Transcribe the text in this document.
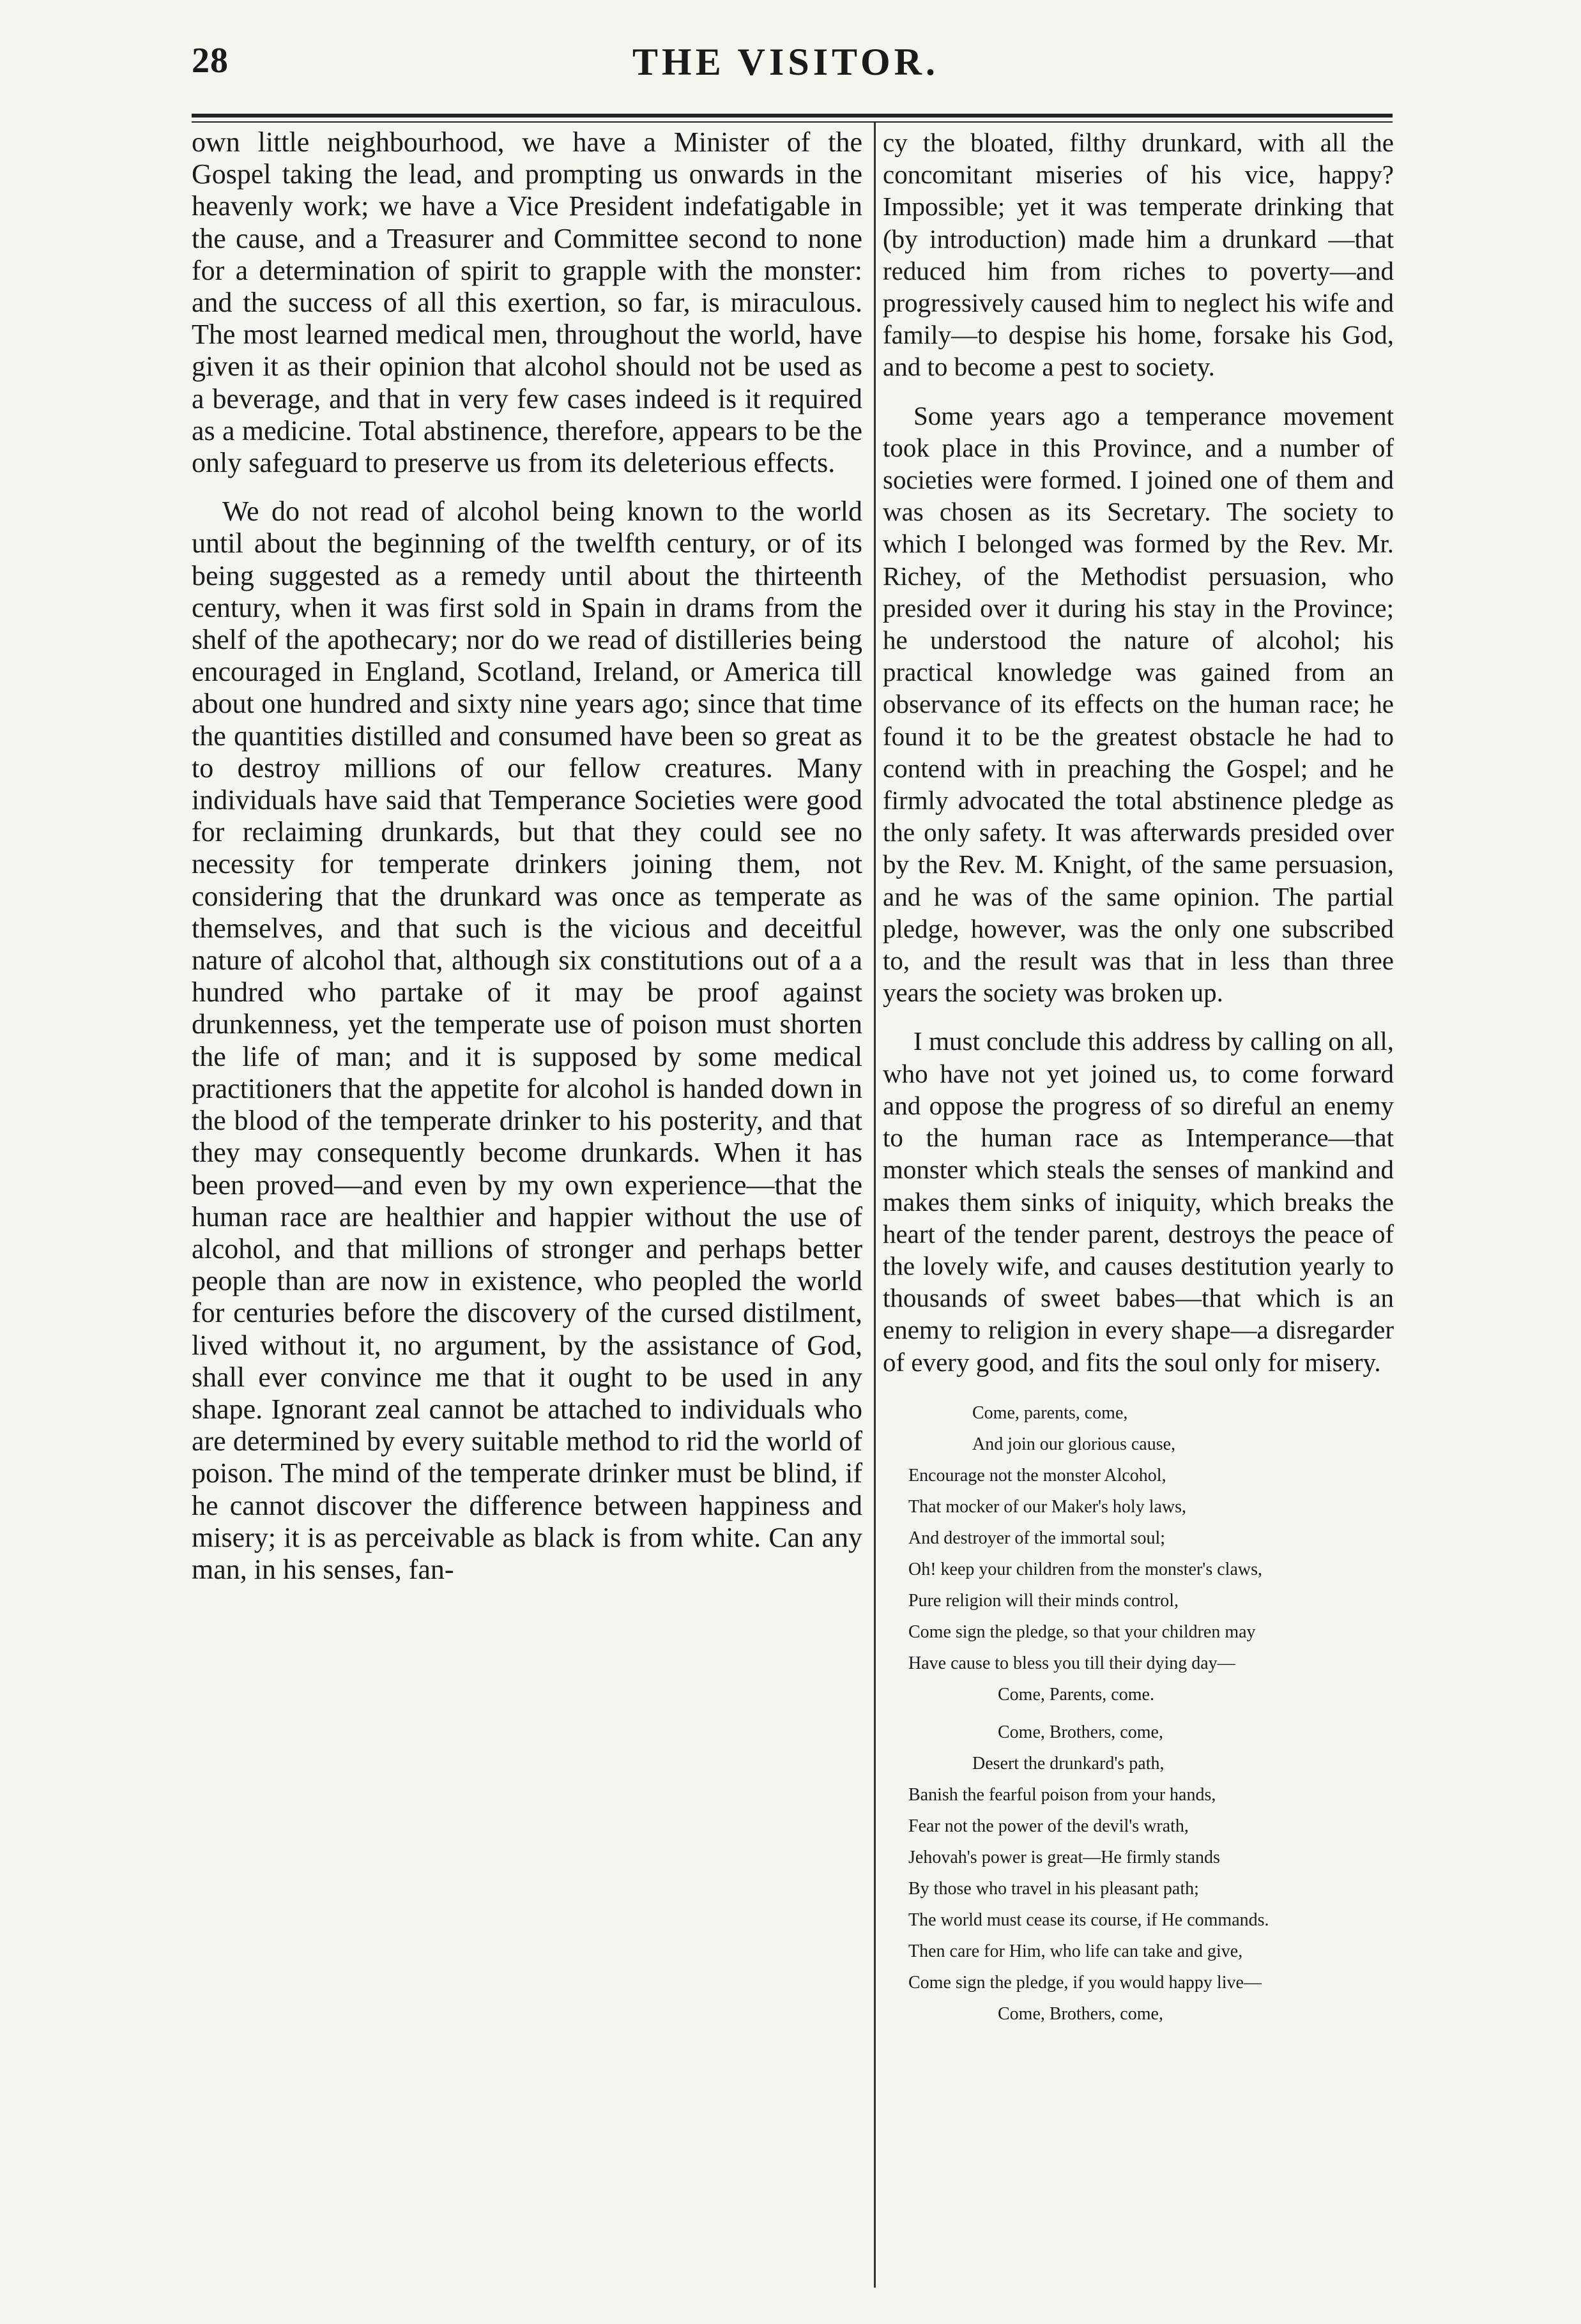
28	THE VISITOR.

own little neighbourhood, we have a Minister of the Gospel taking the lead, and prompting us onwards in the heavenly work; we have a Vice President indefatigable in the cause, and a Treasurer and Committee second to none for a determination of spirit to grapple with the monster: and the success of all this exertion, so far, is miraculous. The most learned medical men, throughout the world, have given it as their opinion that alcohol should not be used as a beverage, and that in very few cases indeed is it required as a medicine. Total abstinence, therefore, appears to be the only safeguard to preserve us from its deleterious effects.

We do not read of alcohol being known to the world until about the beginning of the twelfth century, or of its being suggested as a remedy until about the thirteenth century, when it was first sold in Spain in drams from the shelf of the apothecary; nor do we read of distilleries being encouraged in England, Scotland, Ireland, or America till about one hundred and sixty nine years ago; since that time the quantities distilled and consumed have been so great as to destroy millions of our fellow creatures. Many individuals have said that Temperance Societies were good for reclaiming drunkards, but that they could see no necessity for temperate drinkers joining them, not considering that the drunkard was once as temperate as themselves, and that such is the vicious and deceitful nature of alcohol that, although six constitutions out of a a hundred who partake of it may be proof against drunkenness, yet the temperate use of poison must shorten the life of man; and it is supposed by some medical practitioners that the appetite for alcohol is handed down in the blood of the temperate drinker to his posterity, and that they may consequently become drunkards. When it has been proved—and even by my own experience—that the human race are healthier and happier without the use of alcohol, and that millions of stronger and perhaps better people than are now in existence, who peopled the world for centuries before the discovery of the cursed distilment, lived without it, no argument, by the assistance of God, shall ever convince me that it ought to be used in any shape. Ignorant zeal cannot be attached to individuals who are determined by every suitable method to rid the world of poison. The mind of the temperate drinker must be blind, if he cannot discover the difference between happiness and misery; it is as perceivable as black is from white. Can any man, in his senses, fan-

cy the bloated, filthy drunkard, with all the concomitant miseries of his vice, happy? Impossible; yet it was temperate drinking that (by introduction) made him a drunkard —that reduced him from riches to poverty—and progressively caused him to neglect his wife and family—to despise his home, forsake his God, and to become a pest to society.

Some years ago a temperance movement took place in this Province, and a number of societies were formed. I joined one of them and was chosen as its Secretary. The society to which I belonged was formed by the Rev. Mr. Richey, of the Methodist persuasion, who presided over it during his stay in the Province; he understood the nature of alcohol; his practical knowledge was gained from an observance of its effects on the human race; he found it to be the greatest obstacle he had to contend with in preaching the Gospel; and he firmly advocated the total abstinence pledge as the only safety. It was afterwards presided over by the Rev. M. Knight, of the same persuasion, and he was of the same opinion. The partial pledge, however, was the only one subscribed to, and the result was that in less than three years the society was broken up.

I must conclude this address by calling on all, who have not yet joined us, to come forward and oppose the progress of so direful an enemy to the human race as Intemperance—that monster which steals the senses of mankind and makes them sinks of iniquity, which breaks the heart of the tender parent, destroys the peace of the lovely wife, and causes destitution yearly to thousands of sweet babes—that which is an enemy to religion in every shape—a disregarder of every good, and fits the soul only for misery.

Come, parents, come,
And join our glorious cause,
Encourage not the monster Alcohol,
That mocker of our Maker's holy laws,
And destroyer of the immortal soul;
Oh! keep your children from the monster's claws,
Pure religion will their minds control,
Come sign the pledge, so that your children may
Have cause to bless you till their dying day—
Come, Parents, come.
Come, Brothers, come,
Desert the drunkard's path,
Banish the fearful poison from your hands,
Fear not the power of the devil's wrath,
Jehovah's power is great—He firmly stands
By those who travel in his pleasant path;
The world must cease its course, if He commands.
Then care for Him, who life can take and give,
Come sign the pledge, if you would happy live—
Come, Brothers, come,
